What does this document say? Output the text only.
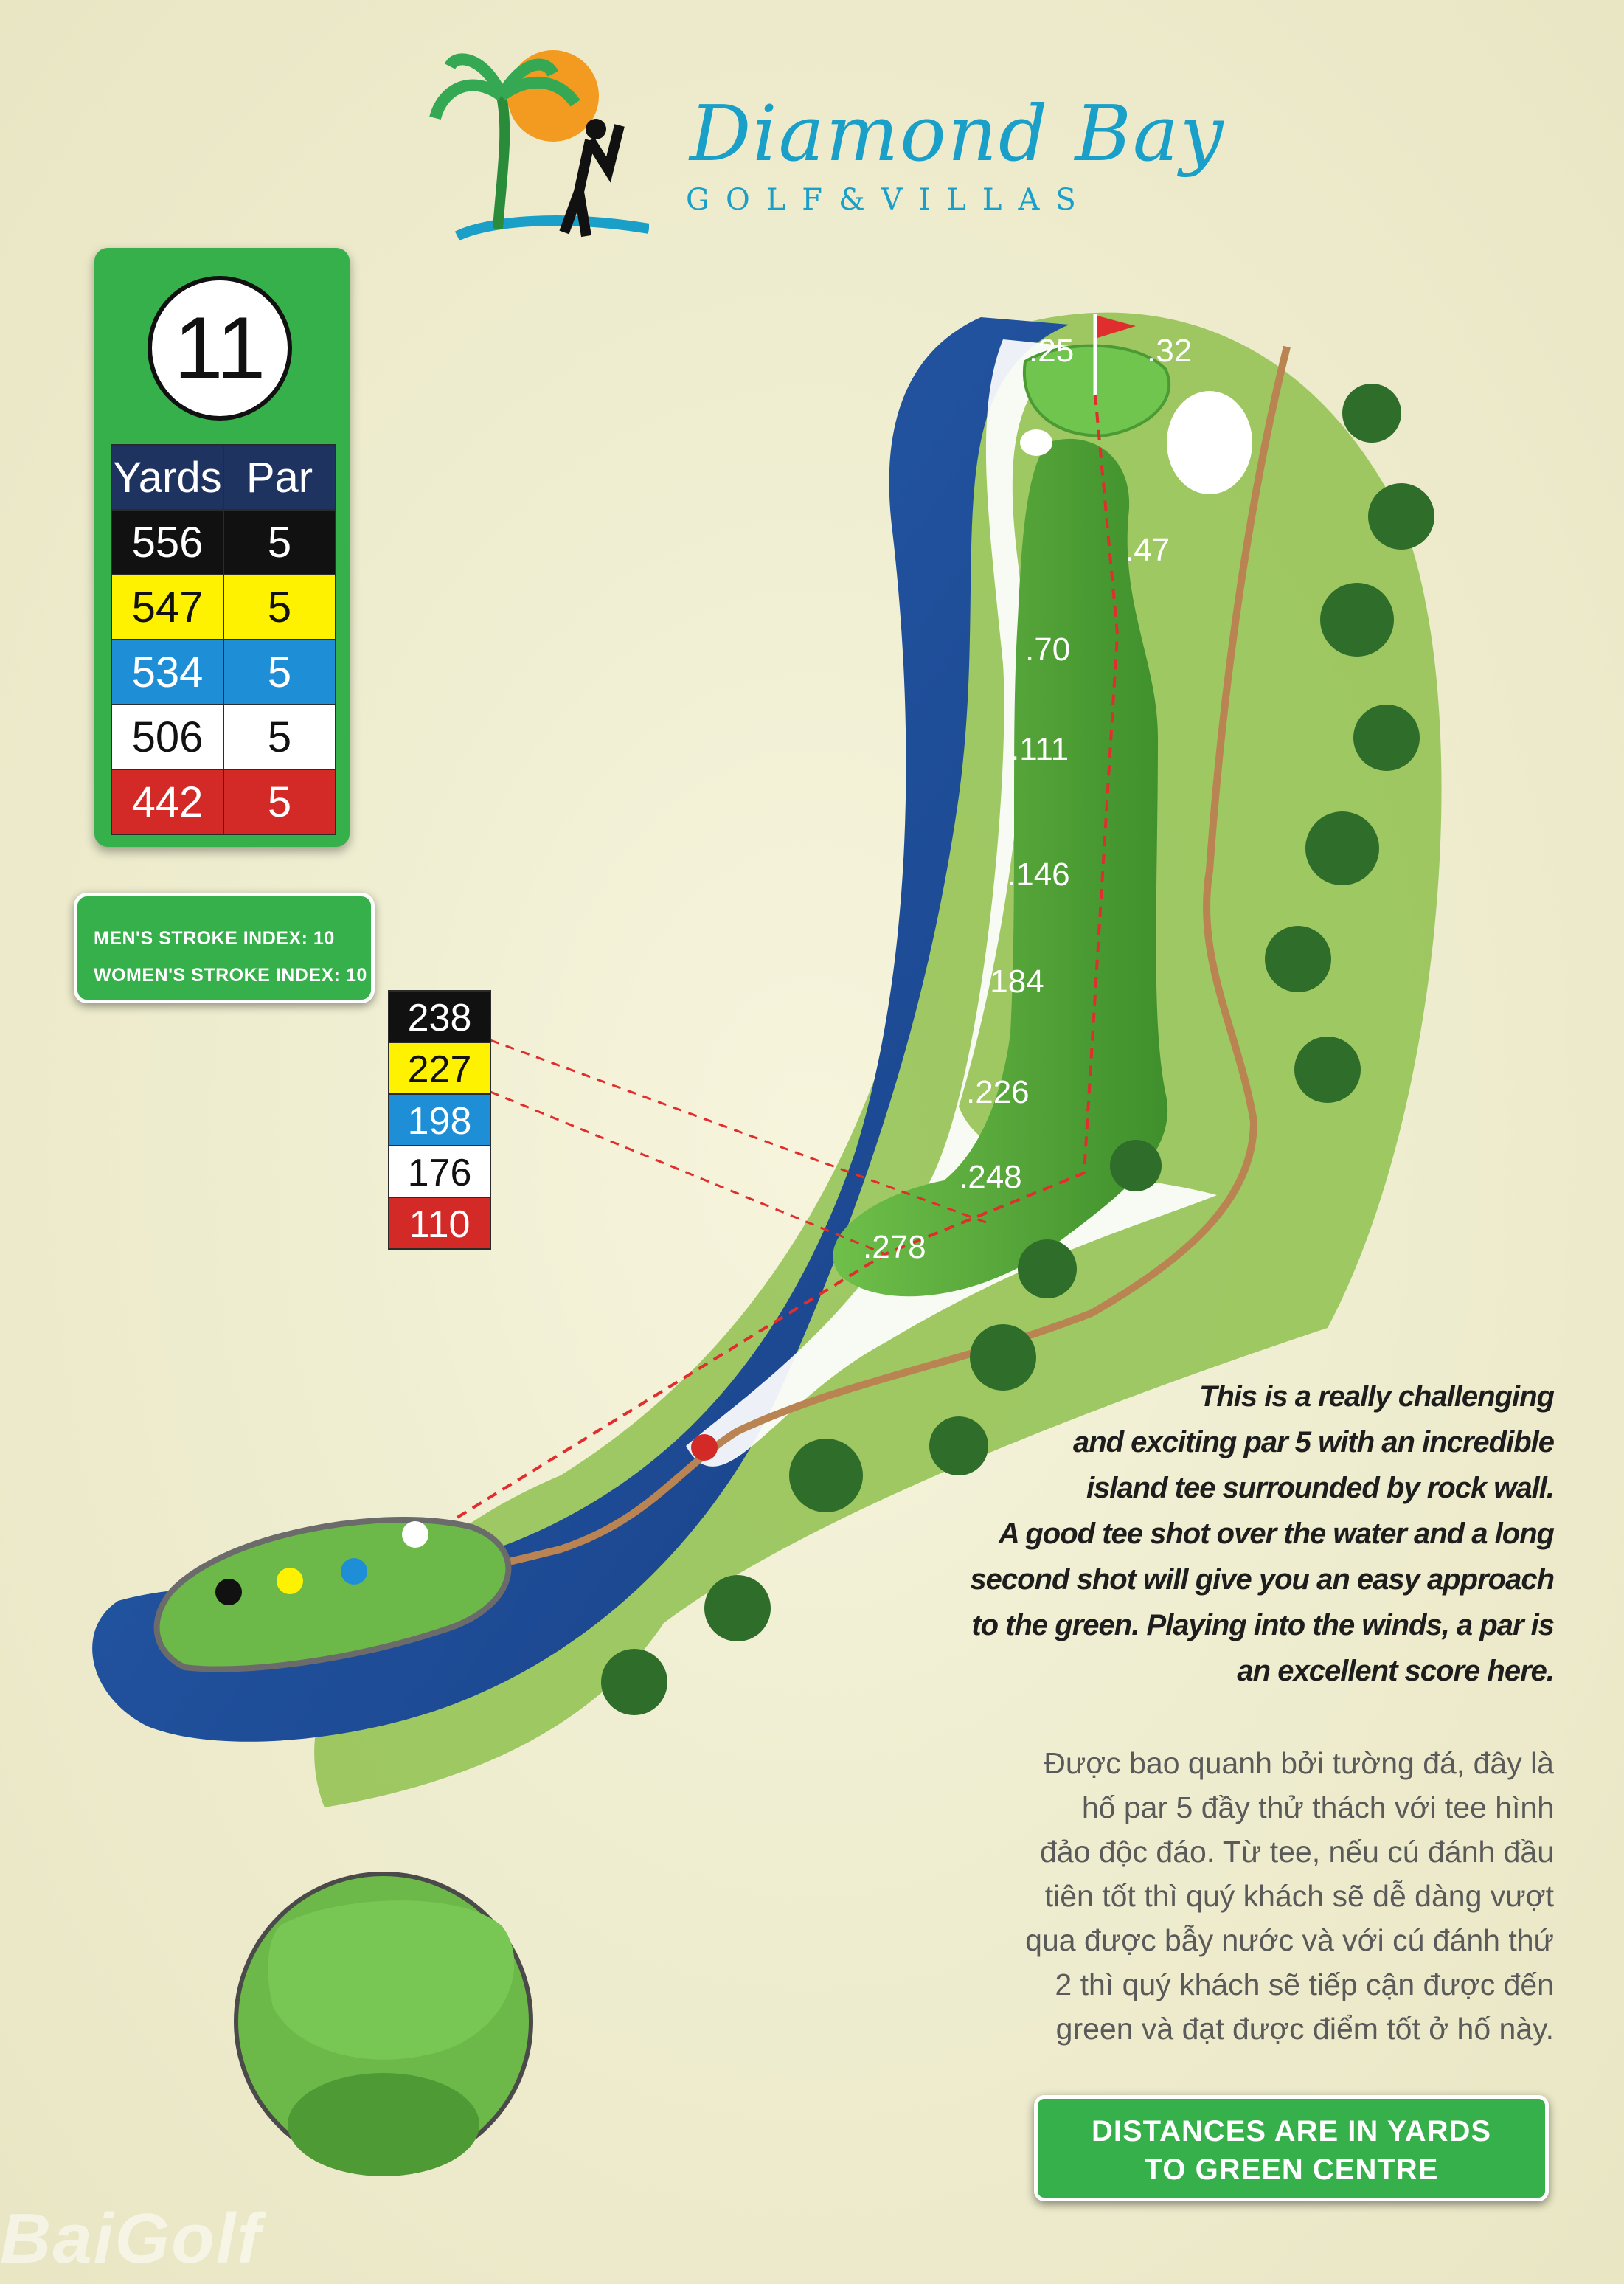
.25 .32
.47
.70
.111
.146
.184
.226
.248
.278
Diamond Bay
GOLF&VILLAS
11
Yards	Par
556	5
547	5
534	5
506	5
442	5
MEN'S STROKE INDEX: 10
WOMEN'S STROKE INDEX: 10
238
227
198
176
110
This is a really challenging
and exciting par 5 with an incredible
island tee surrounded by rock wall.
A good tee shot over the water and a long
second shot will give you an easy approach
to the green. Playing into the winds, a par is
an excellent score here.
Được bao quanh bởi tường đá, đây là
hố par 5 đầy thử thách với tee hình
đảo độc đáo. Từ tee, nếu cú đánh đầu
tiên tốt thì quý khách sẽ dễ dàng vượt
qua được bẫy nước và với cú đánh thứ
2 thì quý khách sẽ tiếp cận được đến
green và đạt được điểm tốt ở hố này.
DISTANCES ARE IN YARDS
TO GREEN CENTRE
BaiGolf
